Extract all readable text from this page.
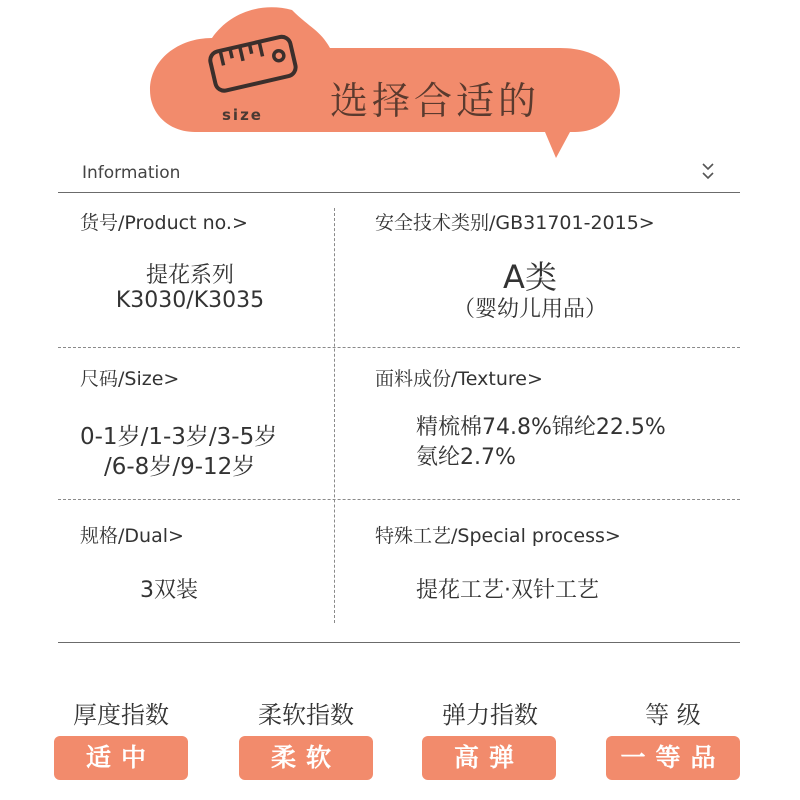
size 选择合适的
Information
货号/Product no.>
提花系列
K3030/K3035
安全技术类别/GB31701-2015>
A类
（婴幼儿用品）
尺码/Size>
0-1岁/1-3岁/3-5岁
/6-8岁/9-12岁
面料成份/Texture>
精梳棉74.8%锦纶22.5%
氨纶2.7%
规格/Dual>
3双装
特殊工艺/Special process>
提花工艺·双针工艺
厚度指数	柔软指数	弹力指数	等 级
适中	柔软	高弹	一等品
